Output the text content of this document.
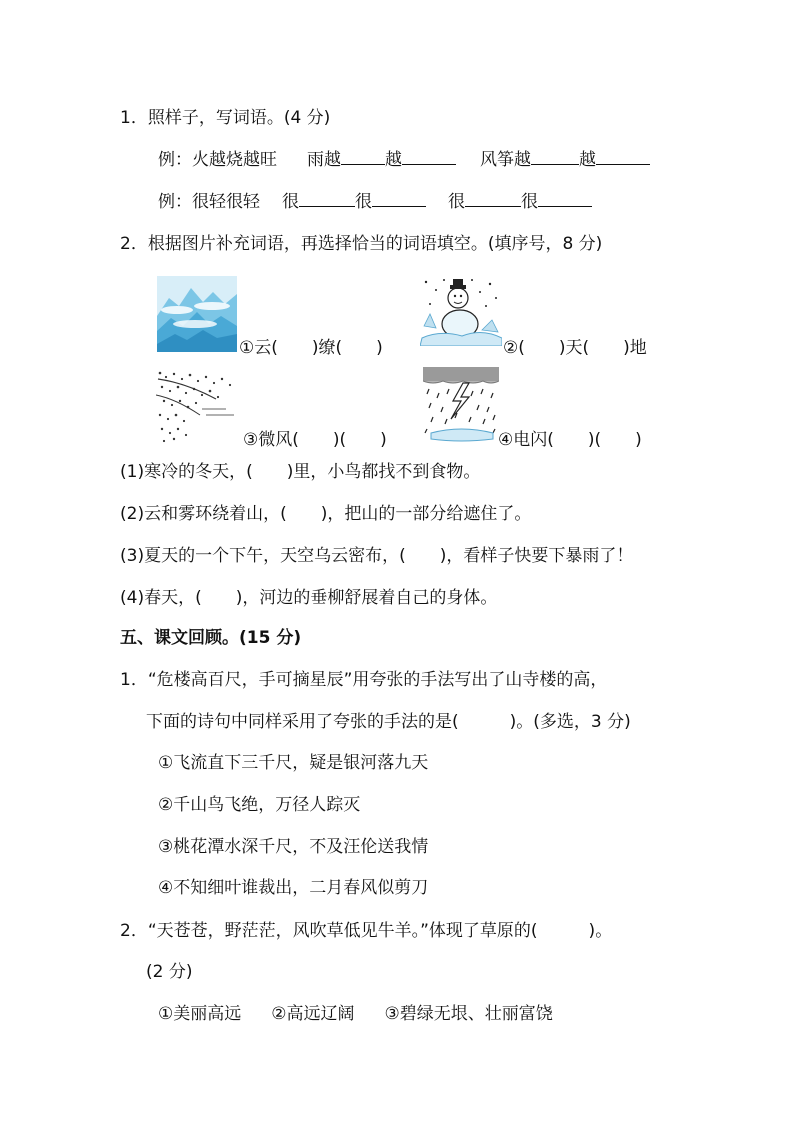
1．照样子，写词语。(4 分)
例：火越烧越旺 雨越	越	风筝越	越
例：很轻很轻 很	很	很	很
2．根据图片补充词语，再选择恰当的词语填空。(填序号，8 分)
①云(　　)缭(　　)	②(　　)天(　　)地
③微风(　　)(　　)	④电闪(　　)(　　)
(1)寒冷的冬天，(　　)里，小鸟都找不到食物。
(2)云和雾环绕着山，(　　)，把山的一部分给遮住了。
(3)夏天的一个下午，天空乌云密布，(　　)，看样子快要下暴雨了！
(4)春天，(　　)，河边的垂柳舒展着自己的身体。
五、课文回顾。(15 分)
1．“危楼高百尺，手可摘星辰”用夸张的手法写出了山寺楼的高，
下面的诗句中同样采用了夸张的手法的是(　　　)。(多选，3 分)
①飞流直下三千尺，疑是银河落九天
②千山鸟飞绝，万径人踪灭
③桃花潭水深千尺，不及汪伦送我情
④不知细叶谁裁出，二月春风似剪刀
2．“天苍苍，野茫茫，风吹草低见牛羊。”体现了草原的(　　　)。
(2 分)
①美丽高远 ②高远辽阔 ③碧绿无垠、壮丽富饶
